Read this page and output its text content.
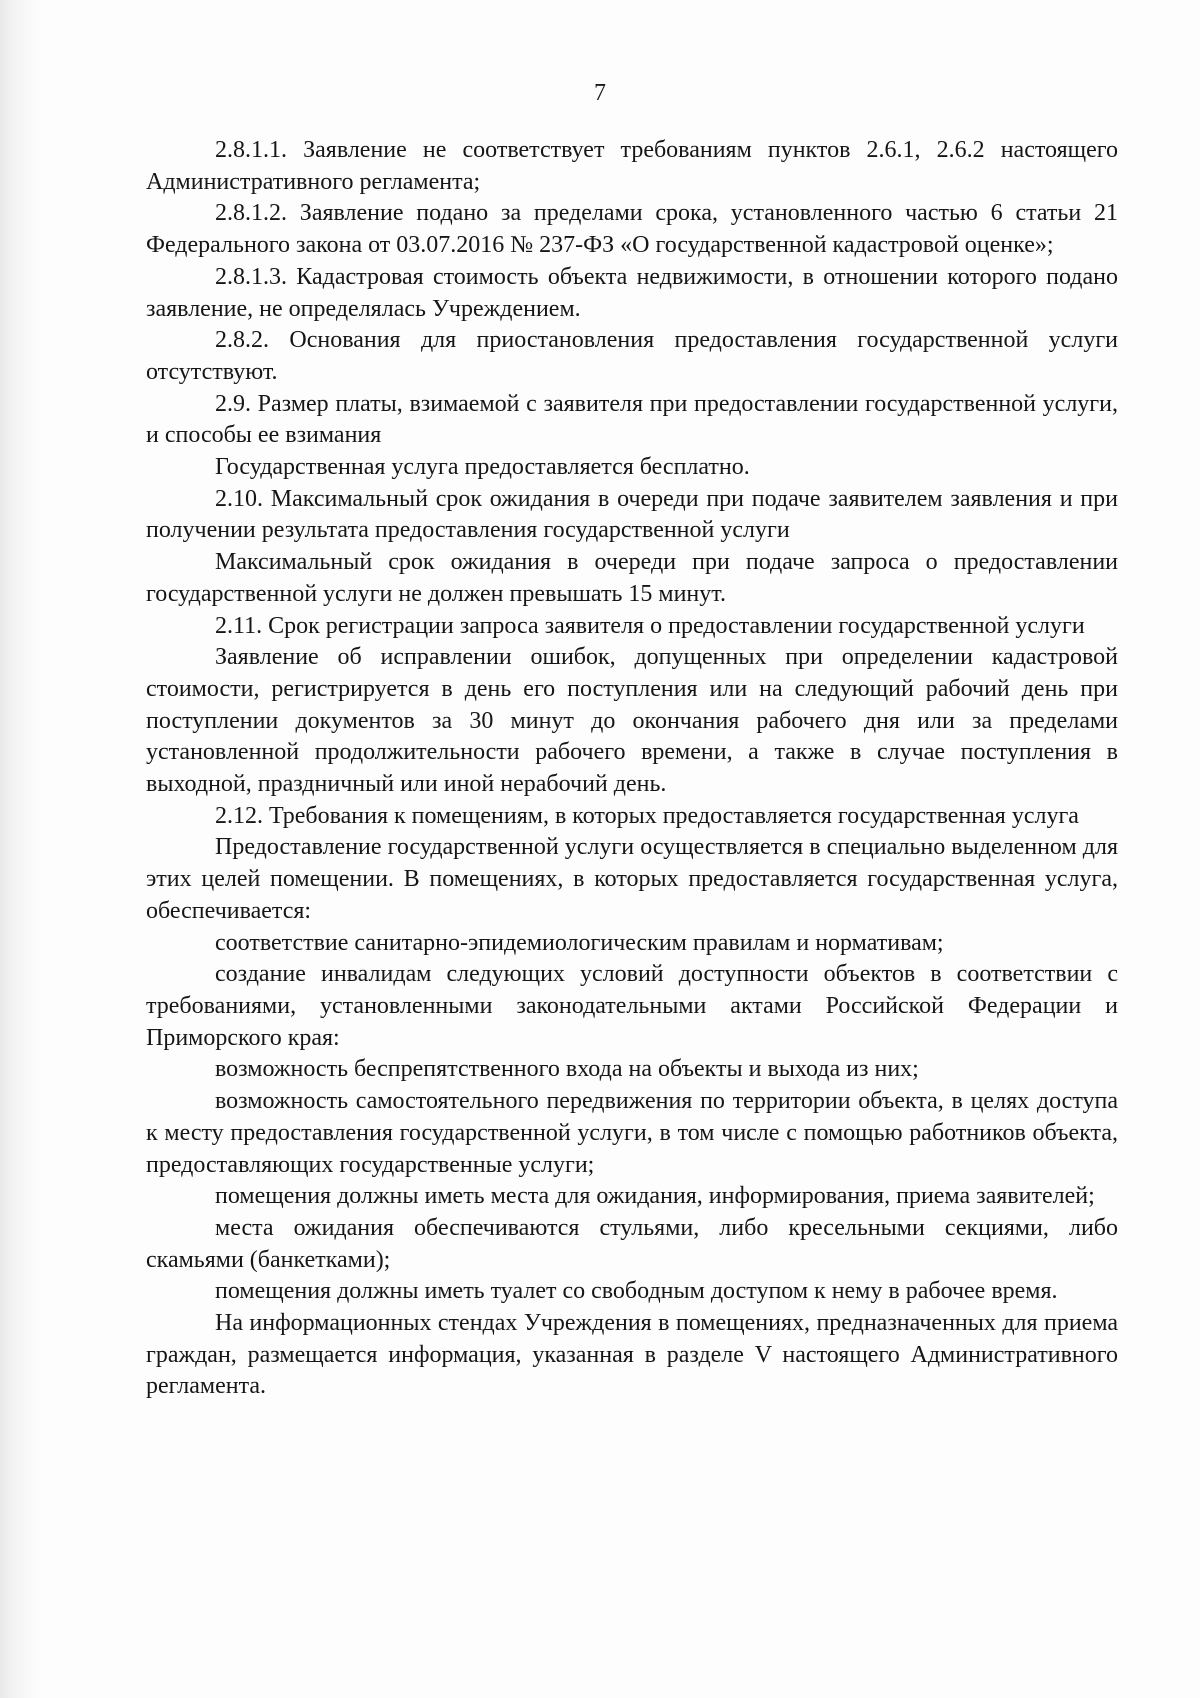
7

2.8.1.1. Заявление не соответствует требованиям пунктов 2.6.1, 2.6.2 настоящего Административного регламента;

2.8.1.2. Заявление подано за пределами срока, установленного частью 6 статьи 21 Федерального закона от 03.07.2016 № 237-ФЗ «О государственной кадастровой оценке»;

2.8.1.3. Кадастровая стоимость объекта недвижимости, в отношении которого подано заявление, не определялась Учреждением.

2.8.2. Основания для приостановления предоставления государственной услуги отсутствуют.

2.9. Размер платы, взимаемой с заявителя при предоставлении государственной услуги, и способы ее взимания

Государственная услуга предоставляется бесплатно.

2.10. Максимальный срок ожидания в очереди при подаче заявителем заявления и при получении результата предоставления государственной услуги

Максимальный срок ожидания в очереди при подаче запроса о предоставлении государственной услуги не должен превышать 15 минут.

2.11. Срок регистрации запроса заявителя о предоставлении государственной услуги

Заявление об исправлении ошибок, допущенных при определении кадастровой стоимости, регистрируется в день его поступления или на следующий рабочий день при поступлении документов за 30 минут до окончания рабочего дня или за пределами установленной продолжительности рабочего времени, а также в случае поступления в выходной, праздничный или иной нерабочий день.

2.12. Требования к помещениям, в которых предоставляется государственная услуга

Предоставление государственной услуги осуществляется в специально выделенном для этих целей помещении. В помещениях, в которых предоставляется государственная услуга, обеспечивается:

соответствие санитарно-эпидемиологическим правилам и нормативам;

создание инвалидам следующих условий доступности объектов в соответствии с требованиями, установленными законодательными актами Российской Федерации и Приморского края:

возможность беспрепятственного входа на объекты и выхода из них;

возможность самостоятельного передвижения по территории объекта, в целях доступа к месту предоставления государственной услуги, в том числе с помощью работников объекта, предоставляющих государственные услуги;

помещения должны иметь места для ожидания, информирования, приема заявителей;

места ожидания обеспечиваются стульями, либо кресельными секциями, либо скамьями (банкетками);

помещения должны иметь туалет со свободным доступом к нему в рабочее время.

На информационных стендах Учреждения в помещениях, предназначенных для приема граждан, размещается информация, указанная в разделе V настоящего Административного регламента.
